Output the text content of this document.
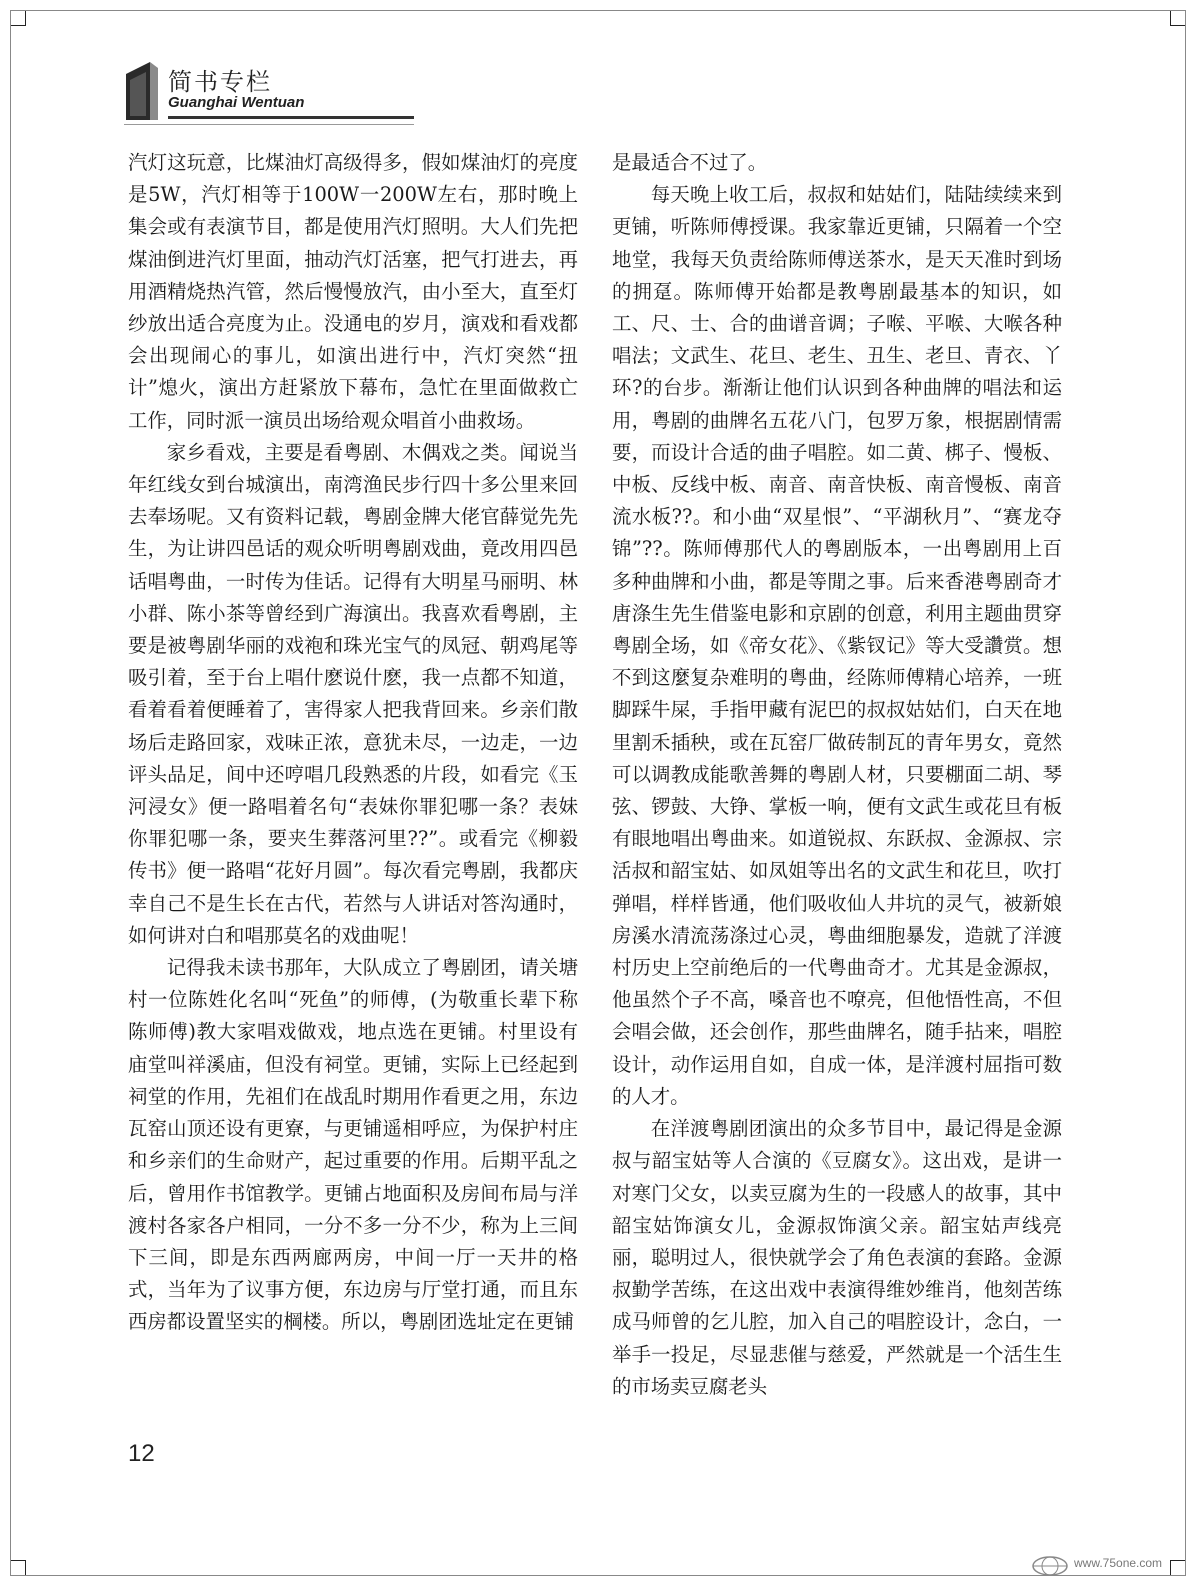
简书专栏
Guanghai Wentuan

汽灯这玩意，比煤油灯高级得多，假如煤油灯的亮度是5W，汽灯相等于100W一200W左右，那时晚上集会或有表演节目，都是使用汽灯照明。大人们先把煤油倒进汽灯里面，抽动汽灯活塞，把气打进去，再用酒精烧热汽管，然后慢慢放汽，由小至大，直至灯纱放出适合亮度为止。没通电的岁月，演戏和看戏都会出现闹心的事儿，如演出进行中，汽灯突然“扭计”熄火，演出方赶紧放下幕布，急忙在里面做救亡工作，同时派一演员出场给观众唱首小曲救场。

家乡看戏，主要是看粤剧、木偶戏之类。闻说当年红线女到台城演出，南湾渔民步行四十多公里来回去奉场呢。又有资料记载，粤剧金牌大佬官薛觉先先生，为让讲四邑话的观众听明粤剧戏曲，竟改用四邑话唱粤曲，一时传为佳话。记得有大明星马丽明、林小群、陈小茶等曾经到广海演出。我喜欢看粤剧，主要是被粤剧华丽的戏袍和珠光宝气的凤冠、朝鸡尾等吸引着，至于台上唱什麽说什麽，我一点都不知道，看着看着便睡着了，害得家人把我背回来。乡亲们散场后走路回家，戏味正浓，意犹未尽，一边走，一边评头品足，间中还哼唱几段熟悉的片段，如看完《玉河浸女》便一路唱着名句“表妹你罪犯哪一条？表妹你罪犯哪一条，要夹生葬落河里??”。或看完《柳毅传书》便一路唱“花好月圆”。每次看完粤剧，我都庆幸自己不是生长在古代，若然与人讲话对答沟通时，如何讲对白和唱那莫名的戏曲呢！

记得我未读书那年，大队成立了粤剧团，请关塘村一位陈姓化名叫“死鱼”的师傅，(为敬重长辈下称陈师傅)教大家唱戏做戏，地点选在更铺。村里设有庙堂叫祥溪庙，但没有祠堂。更铺，实际上已经起到祠堂的作用，先祖们在战乱时期用作看更之用，东边瓦窑山顶还设有更寮，与更铺遥相呼应，为保护村庄和乡亲们的生命财产，起过重要的作用。后期平乱之后，曾用作书馆教学。更铺占地面积及房间布局与洋渡村各家各户相同，一分不多一分不少，称为上三间下三间，即是东西两廊两房，中间一厅一天井的格式，当年为了议事方便，东边房与厅堂打通，而且东西房都设置坚实的棡楼。所以，粤剧团选址定在更铺

是最适合不过了。

每天晚上收工后，叔叔和姑姑们，陆陆续续来到更铺，听陈师傅授课。我家靠近更铺，只隔着一个空地堂，我每天负责给陈师傅送茶水，是天天准时到场的拥趸。陈师傅开始都是教粤剧最基本的知识，如工、尺、士、合的曲谱音调；子喉、平喉、大喉各种唱法；文武生、花旦、老生、丑生、老旦、青衣、丫环?的台步。渐渐让他们认识到各种曲牌的唱法和运用，粤剧的曲牌名五花八门，包罗万象，根据剧情需要，而设计合适的曲子唱腔。如二黄、梆子、慢板、中板、反线中板、南音、南音快板、南音慢板、南音流水板??。和小曲“双星恨”、“平湖秋月”、“赛龙夺锦”??。陈师傅那代人的粤剧版本，一出粤剧用上百多种曲牌和小曲，都是等閒之事。后来香港粤剧奇才唐涤生先生借鉴电影和京剧的创意，利用主题曲贯穿粤剧全场，如《帝女花》、《紫钗记》等大受讚赏。想不到这麼复杂难明的粤曲，经陈师傅精心培养，一班脚踩牛屎，手指甲藏有泥巴的叔叔姑姑们，白天在地里割禾插秧，或在瓦窑厂做砖制瓦的青年男女，竟然可以调教成能歌善舞的粤剧人材，只要棚面二胡、琴弦、锣鼓、大铮、掌板一响，便有文武生或花旦有板有眼地唱出粤曲来。如道锐叔、东跃叔、金源叔、宗活叔和韶宝姑、如凤姐等出名的文武生和花旦，吹打弹唱，样样皆通，他们吸收仙人井坑的灵气，被新娘房溪水清流荡涤过心灵，粤曲细胞暴发，造就了洋渡村历史上空前绝后的一代粤曲奇才。尤其是金源叔，他虽然个子不高，嗓音也不嘹亮，但他悟性高，不但会唱会做，还会创作，那些曲牌名，随手拈来，唱腔设计，动作运用自如，自成一体，是洋渡村屈指可数的人才。

在洋渡粤剧团演出的众多节目中，最记得是金源叔与韶宝姑等人合演的《豆腐女》。这出戏，是讲一对寒门父女，以卖豆腐为生的一段感人的故事，其中韶宝姑饰演女儿，金源叔饰演父亲。韶宝姑声线亮丽，聪明过人，很快就学会了角色表演的套路。金源叔勤学苦练，在这出戏中表演得维妙维肖，他刻苦练成马师曾的乞儿腔，加入自己的唱腔设计，念白，一举手一投足，尽显悲催与慈爱，严然就是一个活生生的市场卖豆腐老头

12
www.75one.com
